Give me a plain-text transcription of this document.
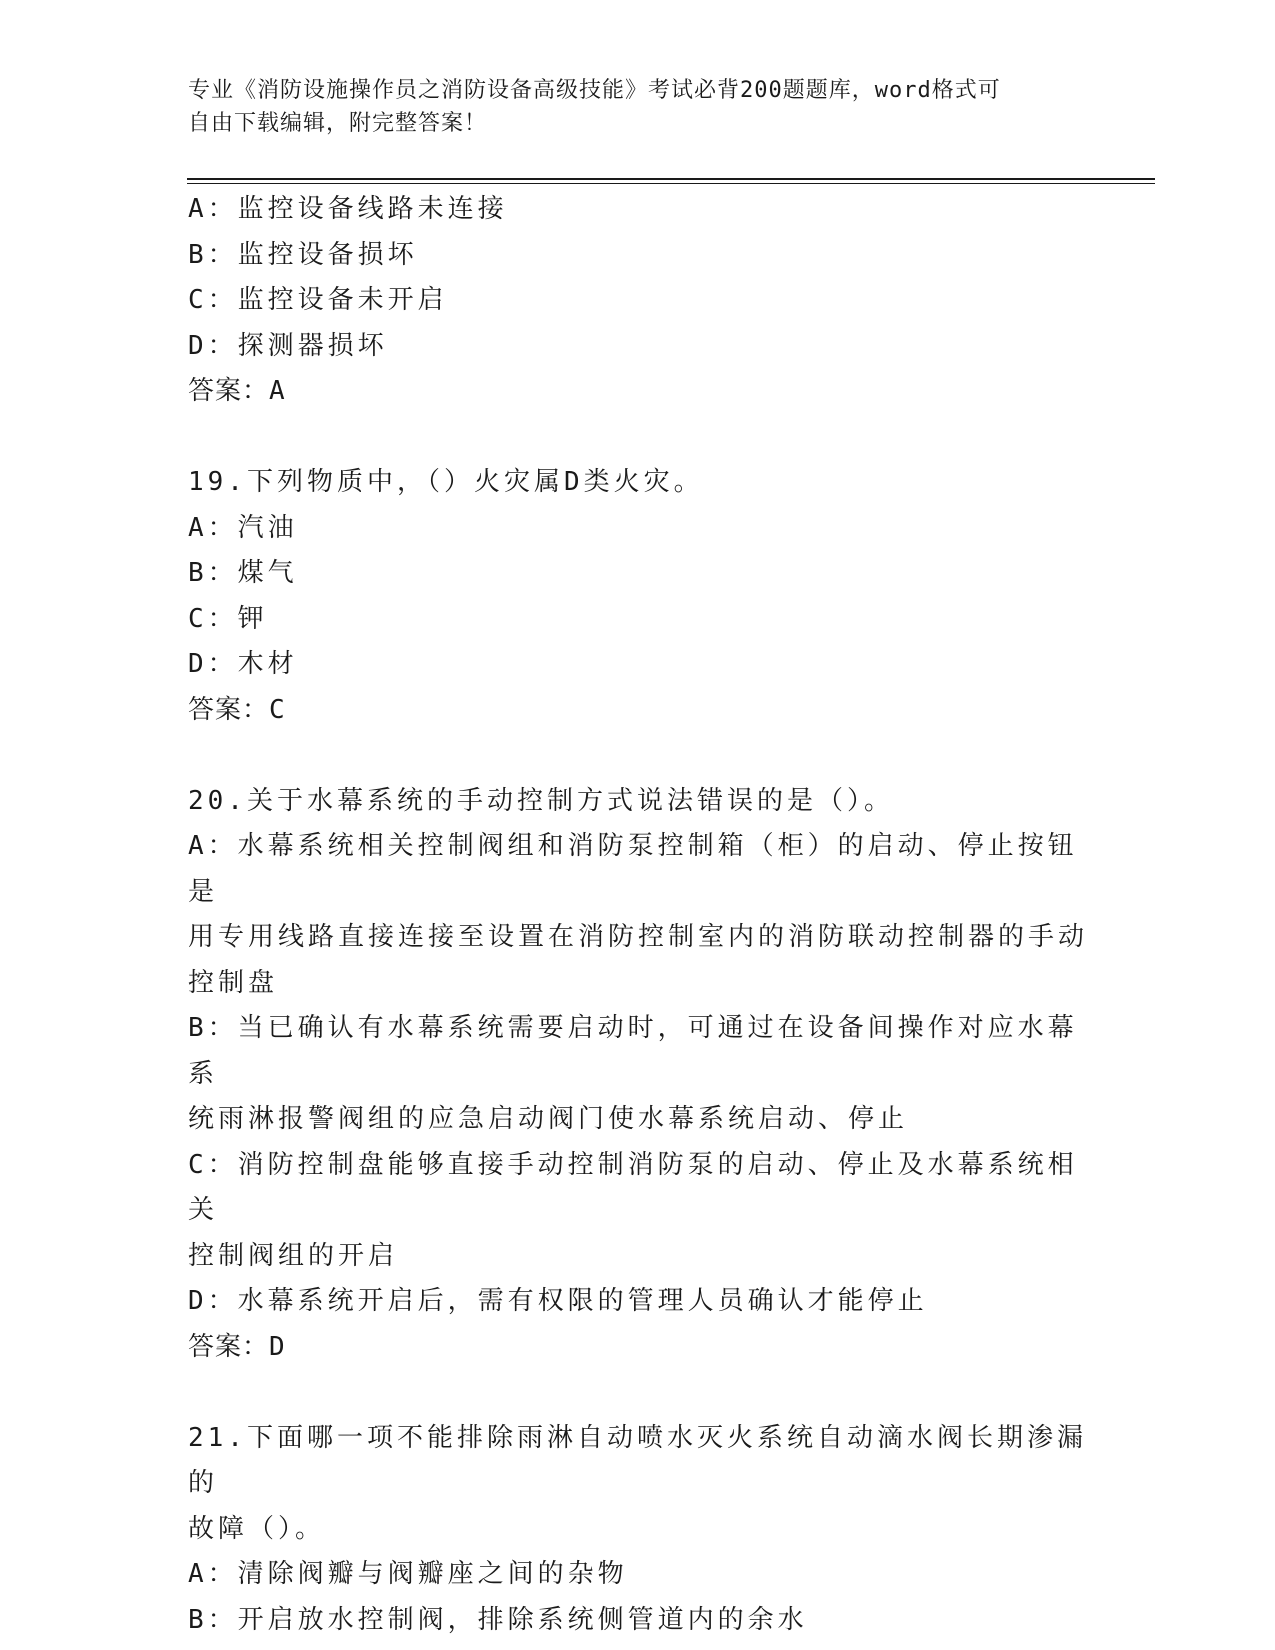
专业《消防设施操作员之消防设备高级技能》考试必背200题题库，word格式可
自由下载编辑，附完整答案！
A：监控设备线路未连接
B：监控设备损坏
C：监控设备未开启
D：探测器损坏
答案：A
19.下列物质中，（）火灾属D类火灾。
A：汽油
B：煤气
C：钾
D：木材
答案：C
20.关于水幕系统的手动控制方式说法错误的是（）。
A：水幕系统相关控制阀组和消防泵控制箱（柜）的启动、停止按钮是
用专用线路直接连接至设置在消防控制室内的消防联动控制器的手动
控制盘
B：当已确认有水幕系统需要启动时，可通过在设备间操作对应水幕系
统雨淋报警阀组的应急启动阀门使水幕系统启动、停止
C：消防控制盘能够直接手动控制消防泵的启动、停止及水幕系统相关
控制阀组的开启
D：水幕系统开启后，需有权限的管理人员确认才能停止
答案：D
21.下面哪一项不能排除雨淋自动喷水灭火系统自动滴水阀长期渗漏的
故障（）。
A：清除阀瓣与阀瓣座之间的杂物
B：开启放水控制阀，排除系统侧管道内的余水
